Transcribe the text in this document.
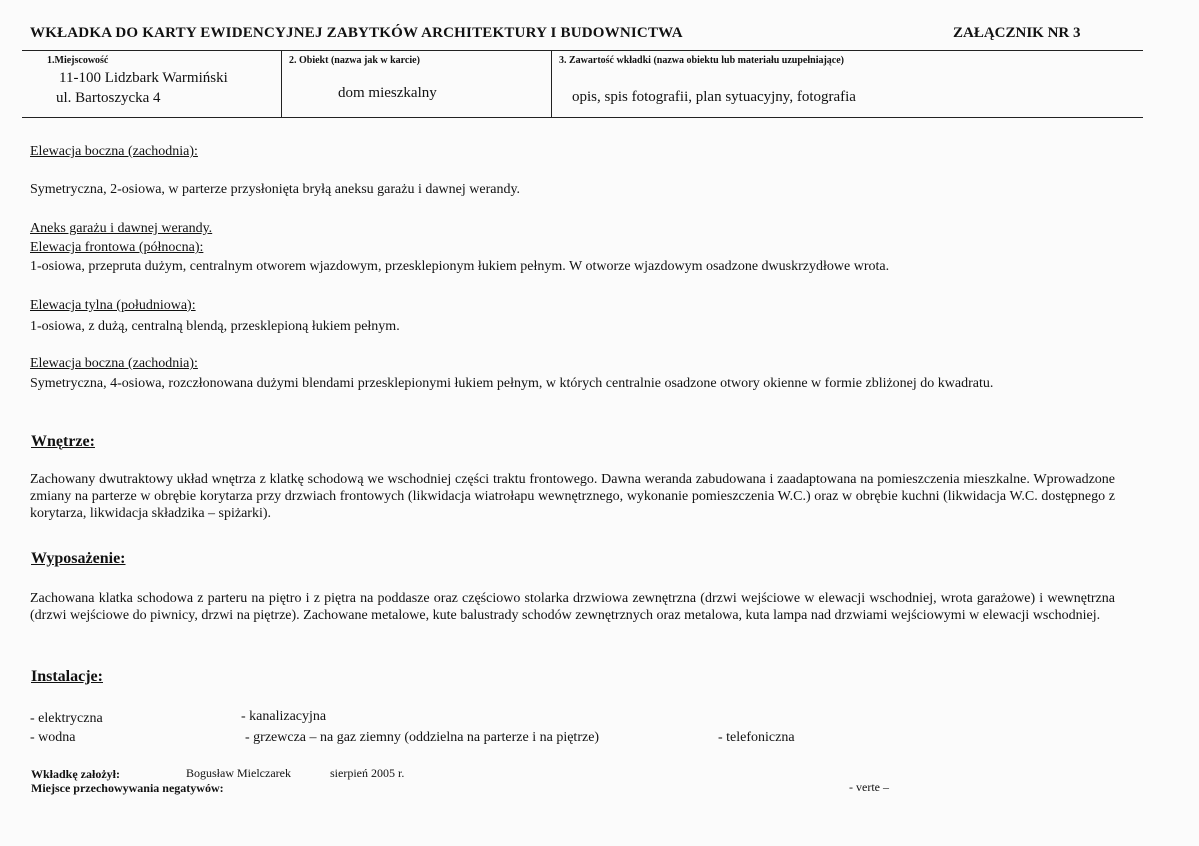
WKŁADKA DO KARTY EWIDENCYJNEJ ZABYTKÓW ARCHITEKTURY I BUDOWNICTWA	ZAŁĄCZNIK NR 3
1.Miejscowość
11-100 Lidzbark Warmiński
ul. Bartoszycka 4
2. Obiekt (nazwa jak w karcie)
dom mieszkalny
3. Zawartość wkładki (nazwa obiektu lub materiału uzupełniające)
opis, spis fotografii, plan sytuacyjny, fotografia
Elewacja boczna (zachodnia):
Symetryczna, 2-osiowa, w parterze przysłonięta bryłą aneksu garażu i dawnej werandy.
Aneks garażu i dawnej werandy.
Elewacja frontowa (północna):
1-osiowa, przepruta dużym, centralnym otworem wjazdowym, przesklepionym łukiem pełnym. W otworze wjazdowym osadzone dwuskrzydłowe wrota.
Elewacja tylna (południowa):
1-osiowa, z dużą, centralną blendą, przesklepioną łukiem pełnym.
Elewacja boczna (zachodnia):
Symetryczna, 4-osiowa, rozczłonowana dużymi blendami przesklepionymi łukiem pełnym, w których centralnie osadzone otwory okienne w formie zbliżonej do kwadratu.
Wnętrze:
Zachowany dwutraktowy układ wnętrza z klatkę schodową we wschodniej części traktu frontowego. Dawna weranda zabudowana i zaadaptowana na pomieszczenia mieszkalne. Wprowadzone zmiany na parterze w obrębie korytarza przy drzwiach frontowych (likwidacja wiatrołapu wewnętrznego, wykonanie pomieszczenia W.C.) oraz w obrębie kuchni (likwidacja W.C. dostępnego z korytarza, likwidacja składzika – spiżarki).
Wyposażenie:
Zachowana klatka schodowa z parteru na piętro i z piętra na poddasze oraz częściowo stolarka drzwiowa zewnętrzna (drzwi wejściowe w elewacji wschodniej, wrota garażowe) i wewnętrzna (drzwi wejściowe do piwnicy, drzwi na piętrze). Zachowane metalowe, kute balustrady schodów zewnętrznych oraz metalowa, kuta lampa nad drzwiami wejściowymi w elewacji wschodniej.
Instalacje:
- elektryczna	- kanalizacyjna
- wodna	- grzewcza – na gaz ziemny (oddzielna na parterze i na piętrze)	- telefoniczna
Wkładkę założył:	Bogusław Mielczarek	sierpień 2005 r.
Miejsce przechowywania negatywów:	- verte –
